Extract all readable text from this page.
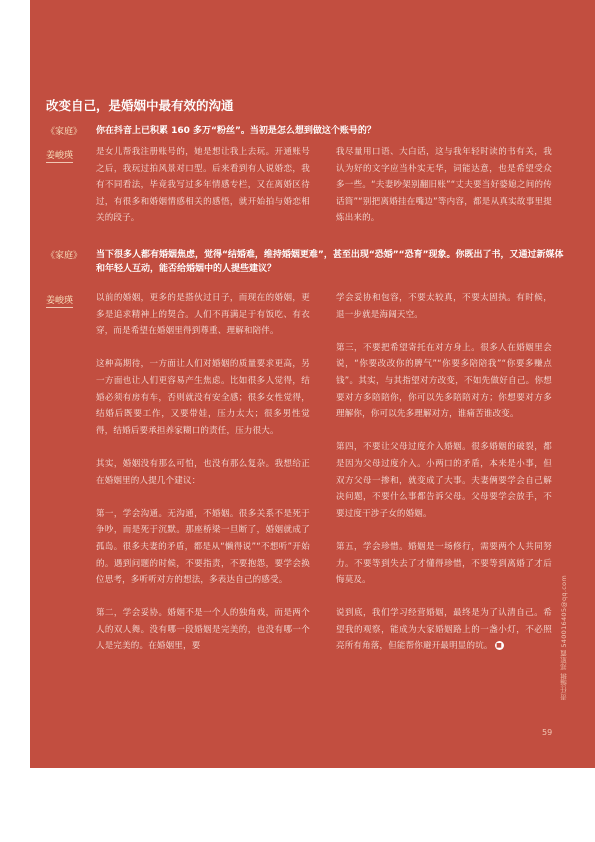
改变自己，是婚姻中最有效的沟通
《家庭》 你在抖音上已积累 160 多万“粉丝”。当初是怎么想到做这个账号的？
姜峻瑛	是女儿帮我注册账号的，她是想让我上去玩。开通账号之后，我玩过拍风景对口型。后来看到有人说婚恋，我有不同看法，毕竟我写过多年情感专栏，又在离婚区待过，有很多和婚姻情感相关的感悟，就开始拍与婚恋相关的段子。

我尽量用口语、大白话，这与我年轻时读的书有关，我认为好的文字应当朴实无华，词能达意，也是希望受众多一些。“夫妻吵架别翻旧账”“丈夫要当好婆媳之间的传话筒”“别把离婚挂在嘴边”等内容，都是从真实故事里提炼出来的。

《家庭》 当下很多人都有婚姻焦虑，觉得“结婚难，维持婚姻更难”，甚至出现“恐婚”“恐育”现象。你既出了书，又通过新媒体和年轻人互动，能否给婚姻中的人提些建议？
姜峻瑛	以前的婚姻，更多的是搭伙过日子，而现在的婚姻，更多是追求精神上的契合。人们不再满足于有饭吃、有衣穿，而是希望在婚姻里得到尊重、理解和陪伴。

这种高期待，一方面让人们对婚姻的质量要求更高，另一方面也让人们更容易产生焦虑。比如很多人觉得，结婚必须有房有车，否则就没有安全感；很多女性觉得，结婚后既要工作，又要带娃，压力太大；很多男性觉得，结婚后要承担养家糊口的责任，压力很大。

其实，婚姻没有那么可怕，也没有那么复杂。我想给正在婚姻里的人提几个建议：

第一，学会沟通。无沟通，不婚姻。很多关系不是死于争吵，而是死于沉默。那座桥梁一旦断了，婚姻就成了孤岛。很多夫妻的矛盾，都是从“懒得说”“不想听”开始的。遇到问题的时候，不要指责，不要抱怨，要学会换位思考，多听听对方的想法，多表达自己的感受。

第二，学会妥协。婚姻不是一个人的独角戏，而是两个人的双人舞。没有哪一段婚姻是完美的，也没有哪一个人是完美的。在婚姻里，要

学会妥协和包容，不要太较真，不要太固执。有时候，退一步就是海阔天空。

第三，不要把希望寄托在对方身上。很多人在婚姻里会说，“你要改改你的脾气”“你要多陪陪我”“你要多赚点钱”。其实，与其指望对方改变，不如先做好自己。你想要对方多陪陪你，你可以先多陪陪对方；你想要对方多理解你，你可以先多理解对方，谁痛苦谁改变。

第四，不要让父母过度介入婚姻。很多婚姻的破裂，都是因为父母过度介入。小两口的矛盾，本来是小事，但双方父母一掺和，就变成了大事。夫妻俩要学会自己解决问题，不要什么事都告诉父母。父母要学会放手，不要过度干涉子女的婚姻。

第五，学会珍惜。婚姻是一场修行，需要两个人共同努力。不要等到失去了才懂得珍惜，不要等到离婚了才后悔莫及。

说到底，我们学习经营婚姻，最终是为了认清自己。希望我的观察，能成为大家婚姻路上的一盏小灯，不必照亮所有角落，但能帮你避开最明显的坑。 ■	责任编辑 郑旅霞 54001640​5@qq.com
59
